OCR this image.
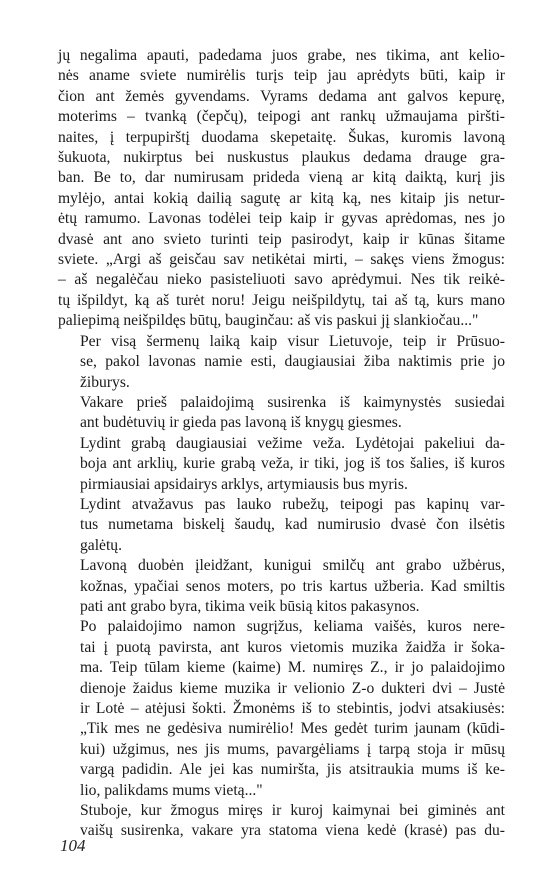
jų negalima apauti, padedama juos grabe, nes tikima, ant kelio-
nės aname sviete numirėlis turįs teip jau aprėdyts būti, kaip ir
čion ant žemės gyvendams. Vyrams dedama ant galvos kepurę,
moterims – tvanką (čepčų), teipogi ant rankų užmaujama piršti-
naites, į terpupirštį duodama skepetaitę. Šukas, kuromis lavoną
šukuota, nukirptus bei nuskustus plaukus dedama drauge gra-
ban. Be to, dar numirusam prideda vieną ar kitą daiktą, kurį jis
mylėjo, antai kokią dailią sagutę ar kitą ką, nes kitaip jis netur-
ėtų ramumo. Lavonas todėlei teip kaip ir gyvas aprėdomas, nes jo
dvasė ant ano svieto turinti teip pasirodyt, kaip ir kūnas šitame
sviete. „Argi aš geisčau sav netikėtai mirti, – sakęs viens žmogus:
– aš negalėčau nieko pasisteliuoti savo aprėdymui. Nes tik reikė-
tų išpildyt, ką aš turėt noru! Jeigu neišpildytų, tai aš tą, kurs mano
paliepimą neišpildęs būtų, bauginčau: aš vis paskui jį slankiočau..."
Per visą šermenų laiką kaip visur Lietuvoje, teip ir Prūsuo-
se, pakol lavonas namie esti, daugiausiai žiba naktimis prie jo
žiburys.
Vakare prieš palaidojimą susirenka iš kaimynystės susiedai
ant budėtuvių ir gieda pas lavoną iš knygų giesmes.
Lydint grabą daugiausiai vežime veža. Lydėtojai pakeliui da-
boja ant arklių, kurie grabą veža, ir tiki, jog iš tos šalies, iš kuros
pirmiausiai apsidairys arklys, artymiausis bus myris.
Lydint atvažavus pas lauko rubežų, teipogi pas kapinų var-
tus numetama biskelį šaudų, kad numirusio dvasė čon ilsėtis
galėtų.
Lavoną duobėn įleidžant, kunigui smilčų ant grabo užbėrus,
kožnas, ypačiai senos moters, po tris kartus užberia. Kad smiltis
pati ant grabo byra, tikima veik būsią kitos pakasynos.
Po palaidojimo namon sugrįžus, keliama vaišės, kuros nere-
tai į puotą pavirsta, ant kuros vietomis muzika žaidža ir šoka-
ma. Teip tūlam kieme (kaime) M. numiręs Z., ir jo palaidojimo
dienoje žaidus kieme muzika ir velionio Z-o dukteri dvi – Justė
ir Lotė – atėjusi šokti. Žmonėms iš to stebintis, jodvi atsakiusės:
„Tik mes ne gedėsiva numirėlio! Mes gedėt turim jaunam (kūdi-
kui) užgimus, nes jis mums, pavargėliams į tarpą stoja ir mūsų
vargą padidin. Ale jei kas numiršta, jis atsitraukia mums iš ke-
lio, palikdams mums vietą..."
Stuboje, kur žmogus miręs ir kuroj kaimynai bei giminės ant
vaišų susirenka, vakare yra statoma viena kedė (krasė) pas du-
104
